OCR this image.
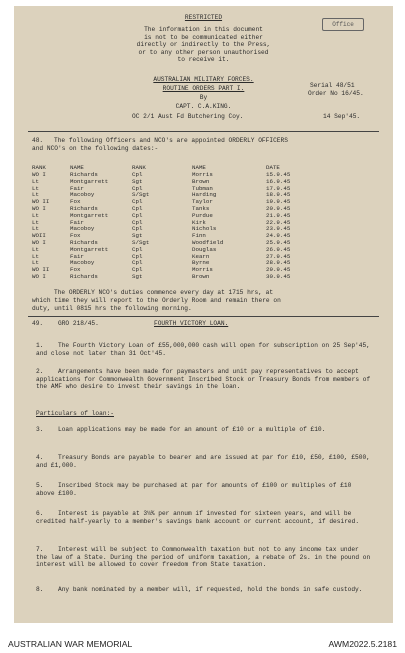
RESTRICTED
Office
The information in this document
is not to be communicated either
directly or indirectly to the Press,
or to any other person unauthorised
to receive it.
AUSTRALIAN MILITARY FORCES.
ROUTINE ORDERS PART I.
By
CAPT. C.A.KING.
OC 2/1 Aust Fd Butchering Coy.	14 Sep'45.
Serial 48/51
Order No 16/45.
48. The following Officers and NCO's are appointed ORDERLY OFFICERS
and NCO's on the following dates:-
RANK	NAME	RANK	NAME	DATE
WO I	Richards	Cpl	Morris	15.9.45
Lt	Montgarrett	Sgt	Brown	16.9.45
Lt	Fair	Cpl	Tubman	17.9.45
Lt	Macoboy	S/Sgt	Harding	18.9.45
WO II	Fox	Cpl	Taylor	19.9.45
WO I	Richards	Cpl	Tanks	20.9.45
Lt	Montgarrett	Cpl	Purdue	21.9.45
Lt	Fair	Cpl	Kirk	22.9.45
Lt	Macoboy	Cpl	Nichols	23.9.45
WOII	Fox	Sgt	Finn	24.9.45
WO I	Richards	S/Sgt	Woodfield	25.9.45
Lt	Montgarrett	Cpl	Douglas	26.9.45
Lt	Fair	Cpl	Kearn	27.9.45
Lt	Macoboy	Cpl	Byrne	28.9.45
WO II	Fox	Cpl	Morris	29.9.45
WO I	Richards	Sgt	Brown	30.9.45
The ORDERLY NCO's duties commence every day at 1715 hrs, at
which time they will report to the Orderly Room and remain there on
duty, until 0815 hrs the following morning.
49. GRO 218/45.	FOURTH VICTORY LOAN.
1.	The Fourth Victory Loan of £55,000,000 cash will open for subscription on 25 Sep'45, and close not later than 31 Oct'45.
2.	Arrangements have been made for paymasters and unit pay representatives to accept applications for Commonwealth Government Inscribed Stock or Treasury Bonds from members of the AMF who desire to invest their savings in the loan.
Particulars of loan:-
3.	Loan applications may be made for an amount of £10 or a multiple of £10.
4.	Treasury Bonds are payable to bearer and are issued at par for £10, £50, £100, £500, and £1,000.
5.	Inscribed Stock may be purchased at par for amounts of £100 or multiples of £10 above £100.
6.	Interest is payable at 3¼% per annum if invested for sixteen years, and will be credited half-yearly to a member's savings bank account or current account, if desired.
7.	Interest will be subject to Commonwealth taxation but not to any income tax under the law of a State. During the period of uniform taxation, a rebate of 2s. in the pound on interest will be allowed to cover freedom from State taxation.
8.	Any bank nominated by a member will, if requested, hold the bonds in safe custody.
AUSTRALIAN WAR MEMORIAL	AWM2022.5.2181
